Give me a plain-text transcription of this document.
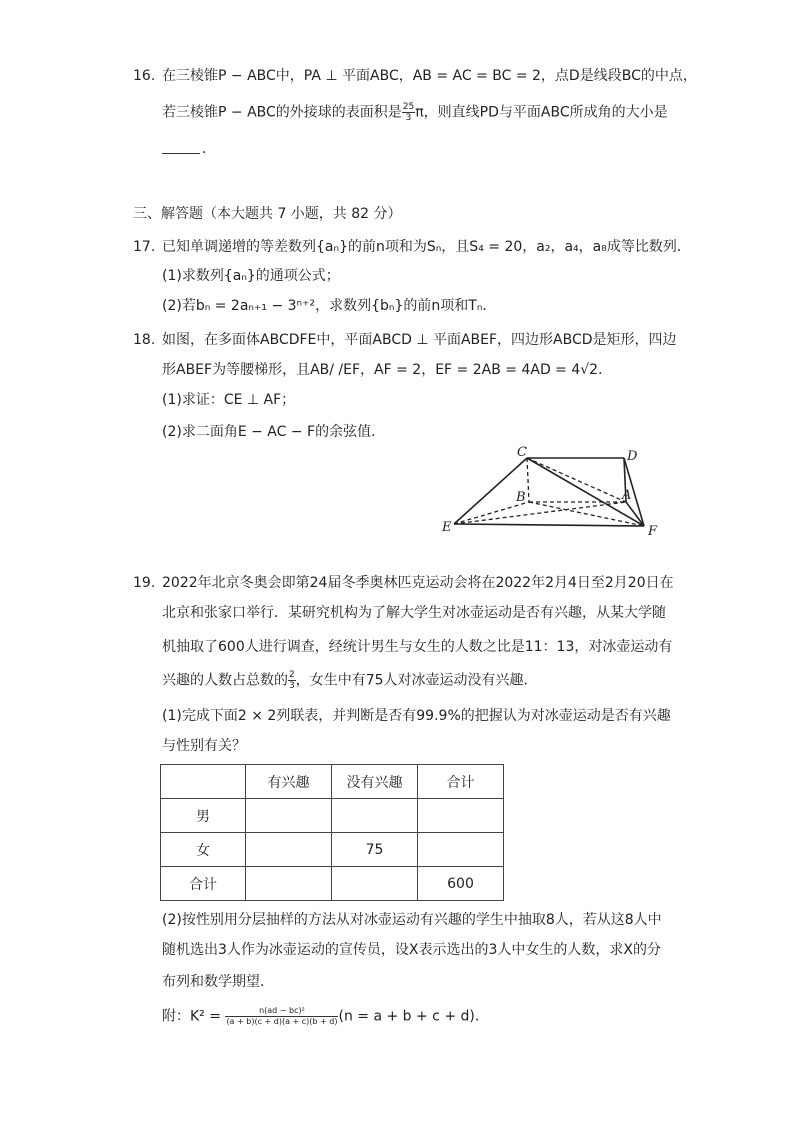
16. 在三棱锥P − ABC中，PA ⊥ 平面ABC，AB = AC = BC = 2，点D是线段BC的中点，
若三棱锥P − ABC的外接球的表面积是 $\frac{25}{3}$ π，则直线PD与平面ABC所成角的大小是
.
三、解答题（本大题共 7 小题，共 82 分）
17. 已知单调递增的等差数列{aₙ}的前n项和为Sₙ，且S₄ = 20，a₂，a₄，a₈成等比数列．
(1)求数列{aₙ}的通项公式；
(2)若bₙ = 2aₙ₊₁ − 3ⁿ⁺²，求数列{bₙ}的前n项和Tₙ．
18. 如图，在多面体ABCDFE中，平面ABCD ⊥ 平面ABEF，四边形ABCD是矩形，四边
形ABEF为等腰梯形，且AB/ /EF，AF = 2，EF = 2AB = 4AD = 4√2．
(1)求证：CE ⊥ AF；
(2)求二面角E − AC − F的余弦值．
C	D
B	A
E	F
19. 2022年北京冬奥会即第24届冬季奥林匹克运动会将在2022年2月4日至2月20日在
北京和张家口举行．某研究机构为了解大学生对冰壶运动是否有兴趣，从某大学随
机抽取了600人进行调查，经统计男生与女生的人数之比是11：13，对冰壶运动有
兴趣的人数占总数的 $\frac{2}{3}$ ，女生中有75人对冰壶运动没有兴趣．
(1)完成下面2 × 2列联表，并判断是否有99.9%的把握认为对冰壶运动是否有兴趣
与性别有关？
	有兴趣	没有兴趣	合计
男			
女		75	
合计			600
(2)按性别用分层抽样的方法从对冰壶运动有兴趣的学生中抽取8人，若从这8人中
随机选出3人作为冰壶运动的宣传员，设X表示选出的3人中女生的人数，求X的分
布列和数学期望．
附：$K^2 = \frac{\text{n(ad − bc)²}}{(a + b)(c + d)(a + c)(b + d)} (n = a + b + c + d)$．
